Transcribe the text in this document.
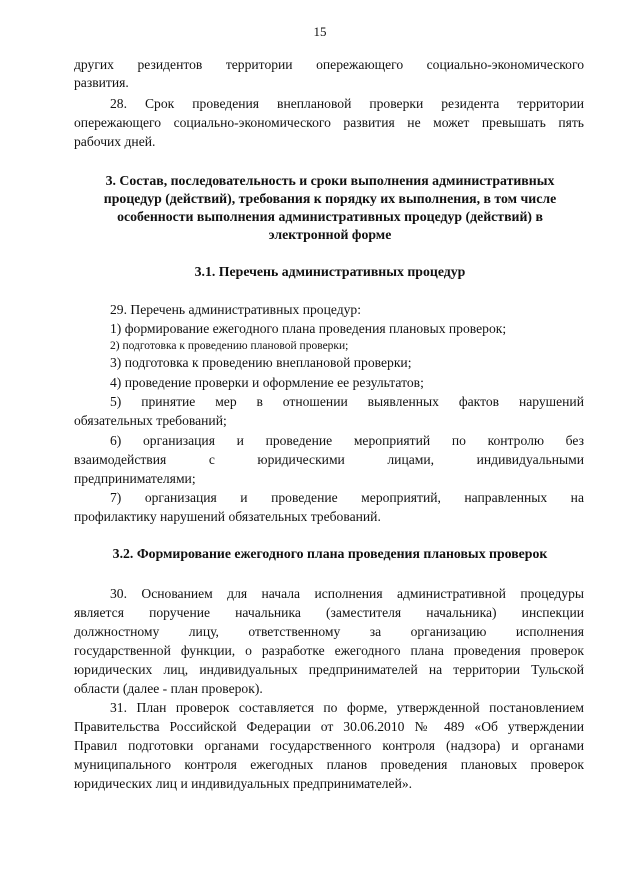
15
других резидентов территории опережающего социально-экономического
развития.
28. Срок проведения внеплановой проверки резидента территории
опережающего социально-экономического развития не может превышать пять
рабочих дней.
3. Состав, последовательность и сроки выполнения административных
процедур (действий), требования к порядку их выполнения, в том числе
особенности выполнения административных процедур (действий) в
электронной форме
3.1. Перечень административных процедур
29. Перечень административных процедур:
1) формирование ежегодного плана проведения плановых проверок;
2) подготовка к проведению плановой проверки;
3) подготовка к проведению внеплановой проверки;
4) проведение проверки и оформление ее результатов;
5) принятие мер в отношении выявленных фактов нарушений
обязательных требований;
6) организация и проведение мероприятий по контролю без
взаимодействия с юридическими лицами, индивидуальными
предпринимателями;
7) организация и проведение мероприятий, направленных на
профилактику нарушений обязательных требований.
3.2. Формирование ежегодного плана проведения плановых проверок
30. Основанием для начала исполнения административной процедуры
является поручение начальника (заместителя начальника) инспекции
должностному лицу, ответственному за организацию исполнения
государственной функции, о разработке ежегодного плана проведения проверок
юридических лиц, индивидуальных предпринимателей на территории Тульской
области (далее - план проверок).
31. План проверок составляется по форме, утвержденной постановлением
Правительства Российской Федерации от 30.06.2010 № 489 «Об утверждении
Правил подготовки органами государственного контроля (надзора) и органами
муниципального контроля ежегодных планов проведения плановых проверок
юридических лиц и индивидуальных предпринимателей».
